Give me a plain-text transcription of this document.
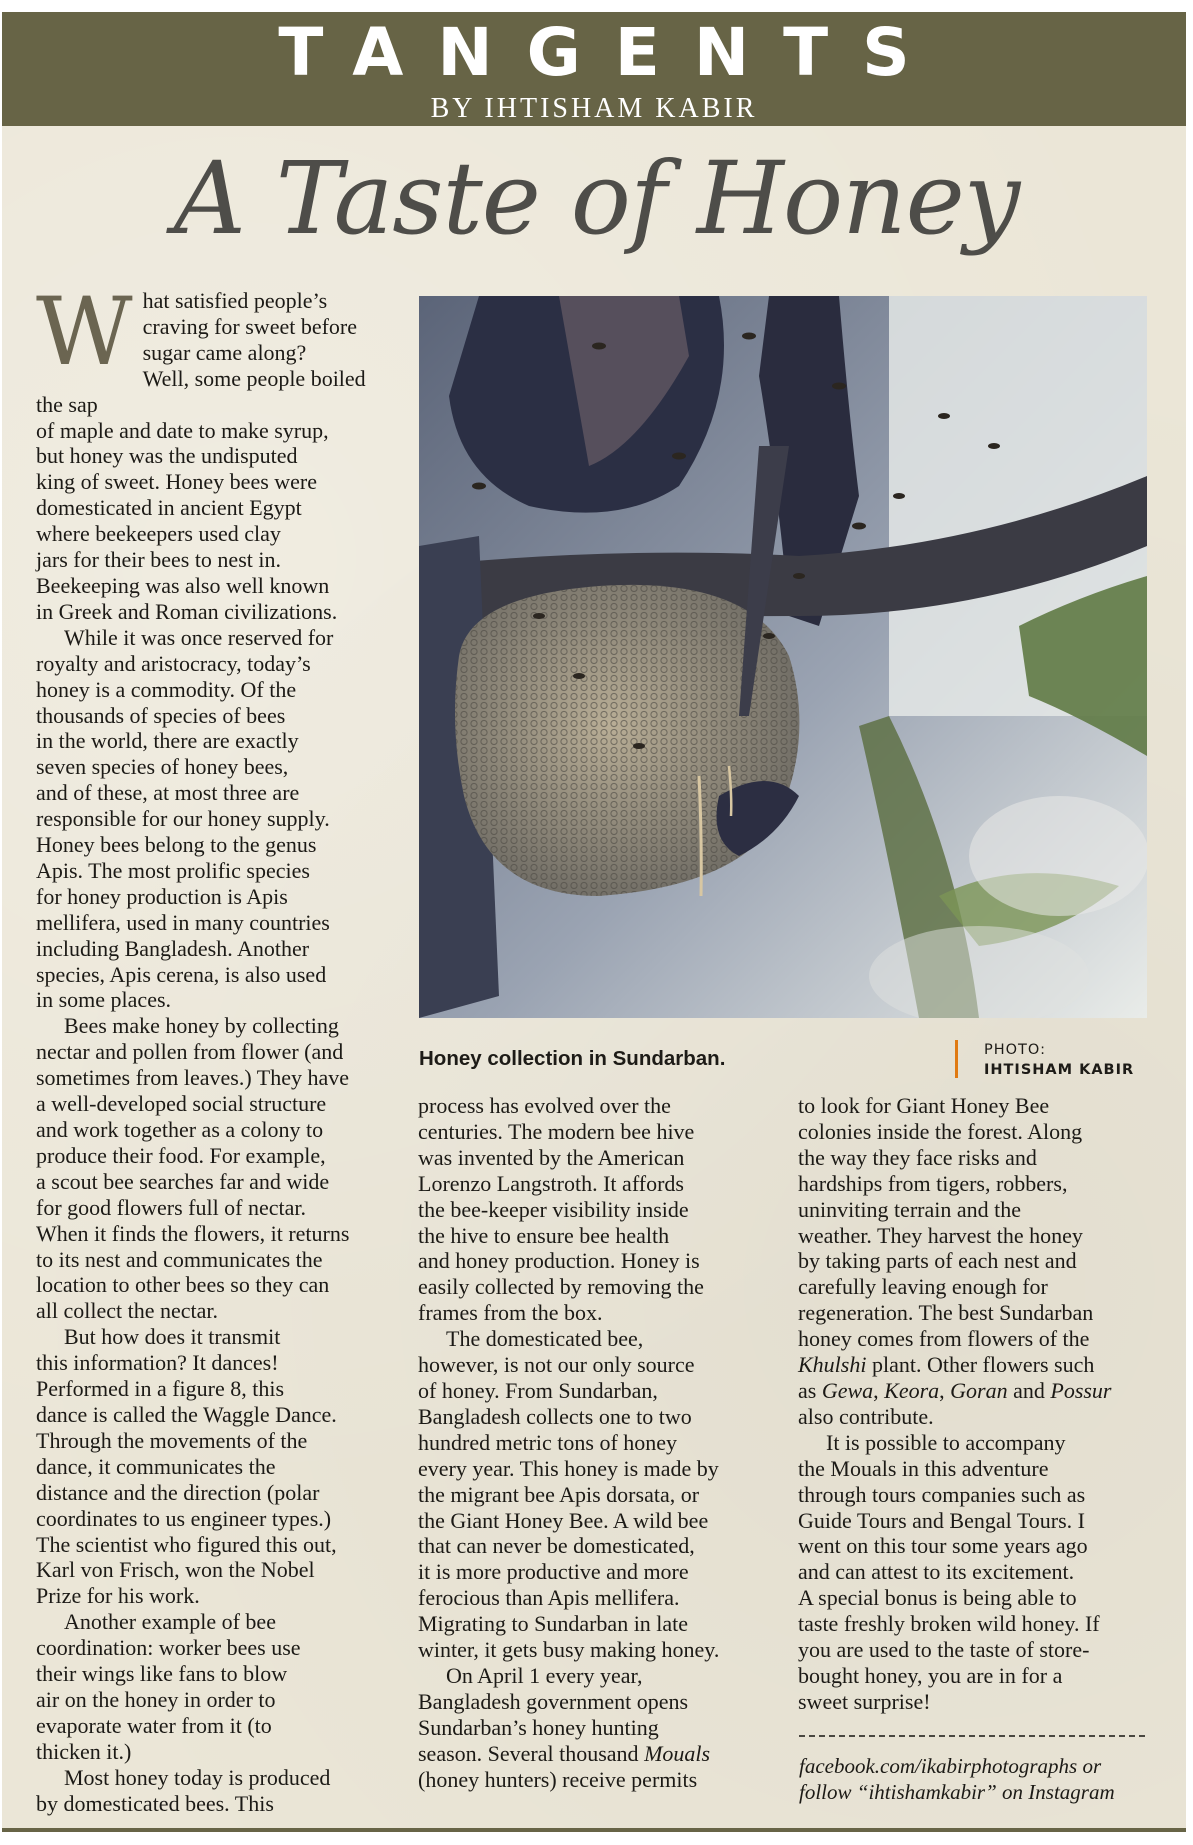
TANGENTS
BY IHTISHAM KABIR
A Taste of Honey
W hat satisfied people’s
craving for sweet before
sugar came along?
Well, some people boiled the sap
of maple and date to make syrup,
but honey was the undisputed
king of sweet. Honey bees were
domesticated in ancient Egypt
where beekeepers used clay
jars for their bees to nest in.
Beekeeping was also well known
in Greek and Roman civilizations.

While it was once reserved for
royalty and aristocracy, today’s
honey is a commodity. Of the
thousands of species of bees
in the world, there are exactly
seven species of honey bees,
and of these, at most three are
responsible for our honey supply.
Honey bees belong to the genus
Apis. The most prolific species
for honey production is Apis
mellifera, used in many countries
including Bangladesh. Another
species, Apis cerena, is also used
in some places.

Bees make honey by collecting
nectar and pollen from flower (and
sometimes from leaves.) They have
a well-developed social structure
and work together as a colony to
produce their food. For example,
a scout bee searches far and wide
for good flowers full of nectar.
When it finds the flowers, it returns
to its nest and communicates the
location to other bees so they can
all collect the nectar.

But how does it transmit
this information? It dances!
Performed in a figure 8, this
dance is called the Waggle Dance.
Through the movements of the
dance, it communicates the
distance and the direction (polar
coordinates to us engineer types.)
The scientist who figured this out,
Karl von Frisch, won the Nobel
Prize for his work.

Another example of bee
coordination: worker bees use
their wings like fans to blow
air on the honey in order to
evaporate water from it (to
thicken it.)

Most honey today is produced
by domesticated bees. This

Honey collection in Sundarban.	PHOTO:
IHTISHAM KABIR

process has evolved over the
centuries. The modern bee hive
was invented by the American
Lorenzo Langstroth. It affords
the bee-keeper visibility inside
the hive to ensure bee health
and honey production. Honey is
easily collected by removing the
frames from the box.

The domesticated bee,
however, is not our only source
of honey. From Sundarban,
Bangladesh collects one to two
hundred metric tons of honey
every year. This honey is made by
the migrant bee Apis dorsata, or
the Giant Honey Bee. A wild bee
that can never be domesticated,
it is more productive and more
ferocious than Apis mellifera.
Migrating to Sundarban in late
winter, it gets busy making honey.

On April 1 every year,
Bangladesh government opens
Sundarban’s honey hunting
season. Several thousand Mouals
(honey hunters) receive permits

to look for Giant Honey Bee
colonies inside the forest. Along
the way they face risks and
hardships from tigers, robbers,
uninviting terrain and the
weather. They harvest the honey
by taking parts of each nest and
carefully leaving enough for
regeneration. The best Sundarban
honey comes from flowers of the
Khulshi plant. Other flowers such
as Gewa, Keora, Goran and Possur
also contribute.

It is possible to accompany
the Mouals in this adventure
through tours companies such as
Guide Tours and Bengal Tours. I
went on this tour some years ago
and can attest to its excitement.
A special bonus is being able to
taste freshly broken wild honey. If
you are used to the taste of store-
bought honey, you are in for a
sweet surprise!

facebook.com/ikabirphotographs or
follow “ihtishamkabir” on Instagram
